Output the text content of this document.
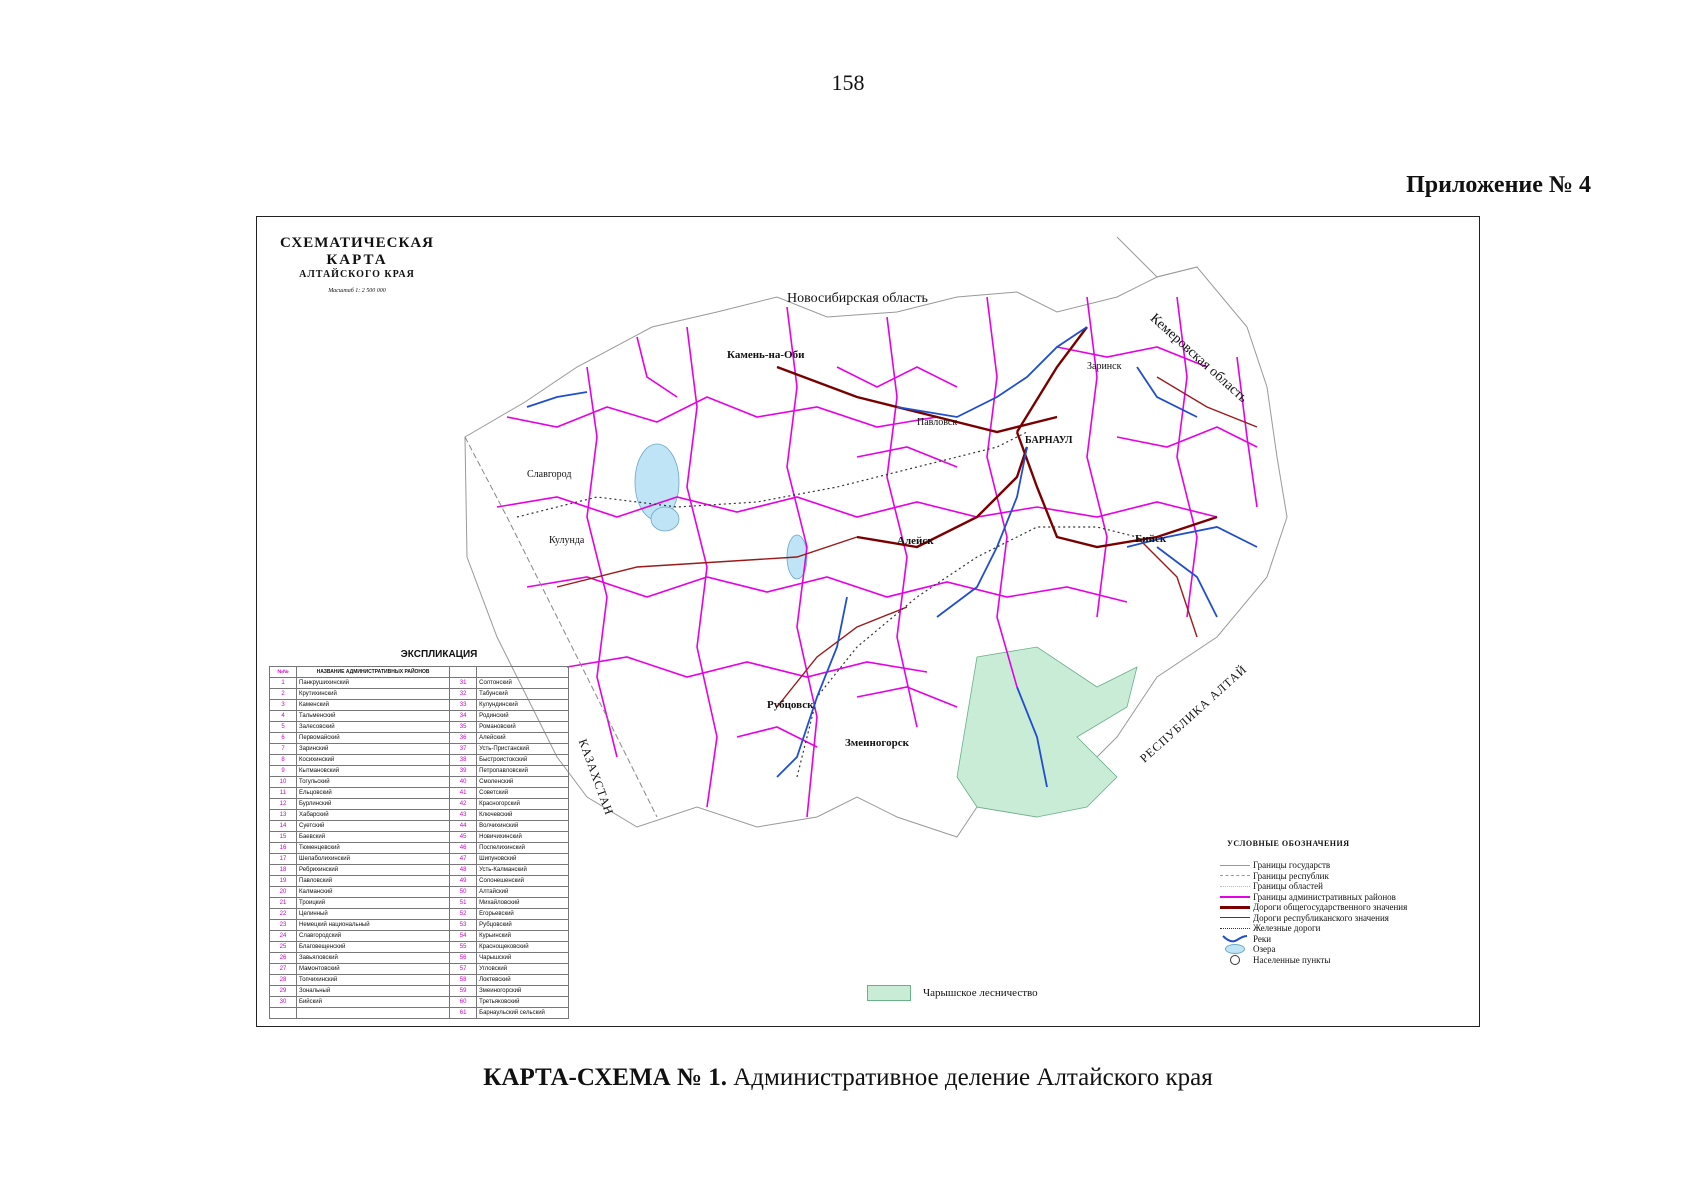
158
Приложение № 4
СХЕМАТИЧЕСКАЯ
КАРТА
АЛТАЙСКОГО КРАЯ
Масштаб 1: 2 500 000	Новосибирская область
Кемеровская область
РЕСПУБЛИКА АЛТАЙ
КАЗАХСТАН
БАРНАУЛ
Бийск
Рубцовск
Алейск
Камень-на-Оби
Змеиногорск
Славгород
Заринск
Павловск
Кулунда
ЭКСПЛИКАЦИЯ
№№	НАЗВАНИЕ АДМИНИСТРАТИВНЫХ РАЙОНОВ		
1	Панкрушихинский	31	Солтонский
2	Крутихинский	32	Табунский
3	Каменский	33	Кулундинский
4	Тальменский	34	Родинский
5	Залесовский	35	Романовский
6	Первомайский	36	Алейский
7	Заринский	37	Усть-Пристанский
8	Косихинский	38	Быстроистокский
9	Кытмановский	39	Петропавловский
10	Тогульский	40	Смоленский
11	Ельцовский	41	Советский
12	Бурлинский	42	Красногорский
13	Хабарский	43	Ключевский
14	Суетский	44	Волчихинский
15	Баевский	45	Новичихинский
16	Тюменцевский	46	Поспелихинский
17	Шелаболихинский	47	Шипуновский
18	Ребрихинский	48	Усть-Калманский
19	Павловский	49	Солонешенский
20	Калманский	50	Алтайский
21	Троицкий	51	Михайловский
22	Целинный	52	Егорьевский
23	Немецкий национальный	53	Рубцовский
24	Славгородский	54	Курьинский
25	Благовещенский	55	Краснощековский
26	Завьяловский	56	Чарышский
27	Мамонтовский	57	Угловский
28	Топчихинский	58	Локтевский
29	Зональный	59	Змеиногорский
30	Бийский	60	Третьяковский
		61	Барнаульский сельский
Чарышское лесничество
УСЛОВНЫЕ ОБОЗНАЧЕНИЯ
Границы государств
Границы республик
Границы областей
Границы административных районов
Дороги общегосударственного значения
Дороги республиканского значения
Железные дороги
Реки
Озера
Населенные пункты
КАРТА-СХЕМА № 1. Административное деление Алтайского края
